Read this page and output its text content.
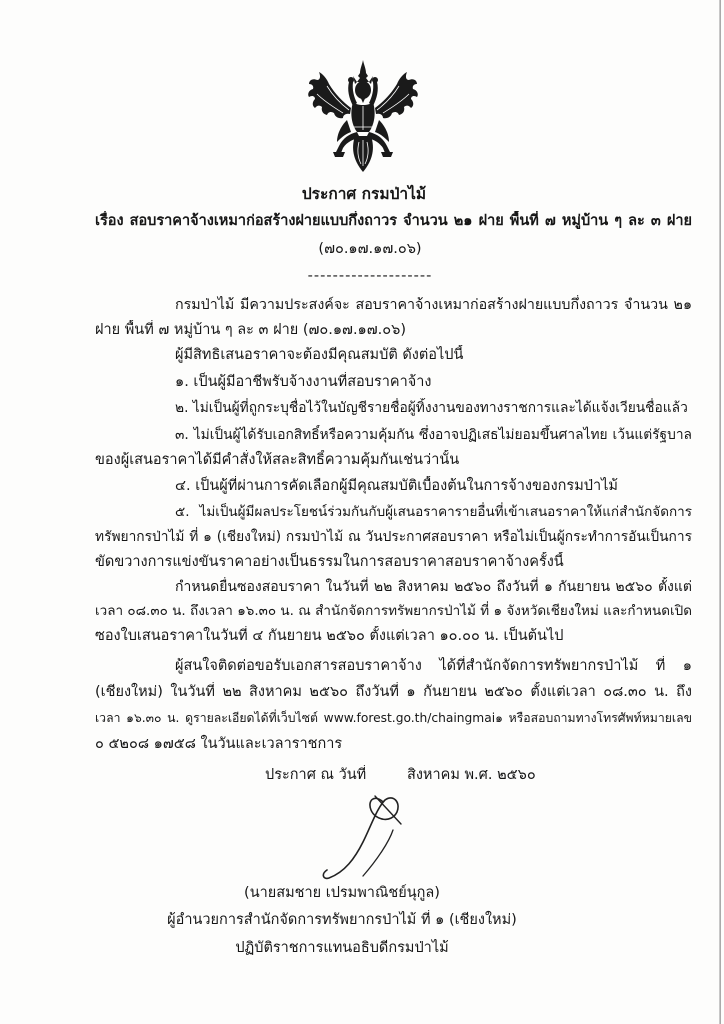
ประกาศ กรมป่าไม้
เรื่อง สอบราคาจ้างเหมาก่อสร้างฝายแบบกึ่งถาวร จำนวน ๒๑ ฝาย พื้นที่ ๗ หมู่บ้าน ๆ ละ ๓ ฝาย
(๗๐.๑๗.๑๗.๐๖)
--------------------
กรมป่าไม้ มีความประสงค์จะ สอบราคาจ้างเหมาก่อสร้างฝายแบบกึ่งถาวร จำนวน ๒๑
ฝาย พื้นที่ ๗ หมู่บ้าน ๆ ละ ๓ ฝาย (๗๐.๑๗.๑๗.๐๖)
ผู้มีสิทธิเสนอราคาจะต้องมีคุณสมบัติ ดังต่อไปนี้
๑. เป็นผู้มีอาชีพรับจ้างงานที่สอบราคาจ้าง
๒. ไม่เป็นผู้ที่ถูกระบุชื่อไว้ในบัญชีรายชื่อผู้ทิ้งงานของทางราชการและได้แจ้งเวียนชื่อแล้ว
๓. ไม่เป็นผู้ได้รับเอกสิทธิ์หรือความคุ้มกัน ซึ่งอาจปฏิเสธไม่ยอมขึ้นศาลไทย เว้นแต่รัฐบาล
ของผู้เสนอราคาได้มีคำสั่งให้สละสิทธิ์ความคุ้มกันเช่นว่านั้น
๔. เป็นผู้ที่ผ่านการคัดเลือกผู้มีคุณสมบัติเบื้องต้นในการจ้างของกรมป่าไม้
๕. ไม่เป็นผู้มีผลประโยชน์ร่วมกันกับผู้เสนอราคารายอื่นที่เข้าเสนอราคาให้แก่สำนักจัดการ
ทรัพยากรป่าไม้ ที่ ๑ (เชียงใหม่) กรมป่าไม้ ณ วันประกาศสอบราคา หรือไม่เป็นผู้กระทำการอันเป็นการ
ขัดขวางการแข่งขันราคาอย่างเป็นธรรมในการสอบราคาสอบราคาจ้างครั้งนี้
กำหนดยื่นซองสอบราคา ในวันที่ ๒๒ สิงหาคม ๒๕๖๐ ถึงวันที่ ๑ กันยายน ๒๕๖๐ ตั้งแต่
เวลา ๐๘.๓๐ น. ถึงเวลา ๑๖.๓๐ น. ณ สำนักจัดการทรัพยากรป่าไม้ ที่ ๑ จังหวัดเชียงใหม่ และกำหนดเปิด
ซองใบเสนอราคาในวันที่ ๔ กันยายน ๒๕๖๐ ตั้งแต่เวลา ๑๐.๐๐ น. เป็นต้นไป
ผู้สนใจติดต่อขอรับเอกสารสอบราคาจ้าง ได้ที่สำนักจัดการทรัพยากรป่าไม้ ที่ ๑
(เชียงใหม่) ในวันที่ ๒๒ สิงหาคม ๒๕๖๐ ถึงวันที่ ๑ กันยายน ๒๕๖๐ ตั้งแต่เวลา ๐๘.๓๐ น. ถึง
เวลา ๑๖.๓๐ น. ดูรายละเอียดได้ที่เว็บไซต์ www.forest.go.th/chaingmai๑ หรือสอบถามทางโทรศัพท์หมายเลข
๐ ๕๒๐๘ ๑๗๕๘ ในวันและเวลาราชการ
ประกาศ ณ วันที่	สิงหาคม พ.ศ. ๒๕๖๐
(นายสมชาย เปรมพาณิชย์นุกูล)
ผู้อำนวยการสำนักจัดการทรัพยากรป่าไม้ ที่ ๑ (เชียงใหม่)
ปฏิบัติราชการแทนอธิบดีกรมป่าไม้
